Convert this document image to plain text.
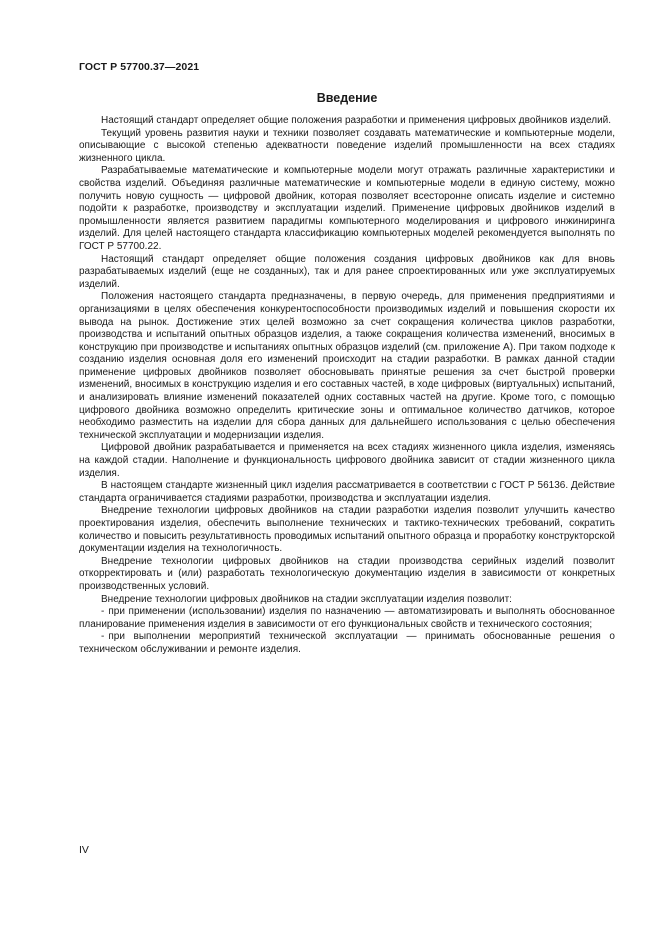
ГОСТ Р 57700.37—2021
Введение

Настоящий стандарт определяет общие положения разработки и применения цифровых двойников изделий.

Текущий уровень развития науки и техники позволяет создавать математические и компьютерные модели, описывающие с высокой степенью адекватности поведение изделий промышленности на всех стадиях жизненного цикла.

Разрабатываемые математические и компьютерные модели могут отражать различные характеристики и свойства изделий. Объединяя различные математические и компьютерные модели в единую систему, можно получить новую сущность — цифровой двойник, которая позволяет всесторонне описать изделие и системно подойти к разработке, производству и эксплуатации изделий. Применение цифровых двойников изделий в промышленности является развитием парадигмы компьютерного моделирования и цифрового инжиниринга изделий. Для целей настоящего стандарта классификацию компьютерных моделей рекомендуется выполнять по ГОСТ Р 57700.22.

Настоящий стандарт определяет общие положения создания цифровых двойников как для вновь разрабатываемых изделий (еще не созданных), так и для ранее спроектированных или уже эксплуатируемых изделий.

Положения настоящего стандарта предназначены, в первую очередь, для применения предприятиями и организациями в целях обеспечения конкурентоспособности производимых изделий и повышения скорости их вывода на рынок. Достижение этих целей возможно за счет сокращения количества циклов разработки, производства и испытаний опытных образцов изделия, а также сокращения количества изменений, вносимых в конструкцию при производстве и испытаниях опытных образцов изделий (см. приложение А). При таком подходе к созданию изделия основная доля его изменений происходит на стадии разработки. В рамках данной стадии применение цифровых двойников позволяет обосновывать принятые решения за счет быстрой проверки изменений, вносимых в конструкцию изделия и его составных частей, в ходе цифровых (виртуальных) испытаний, и анализировать влияние изменений показателей одних составных частей на другие. Кроме того, с помощью цифрового двойника возможно определить критические зоны и оптимальное количество датчиков, которое необходимо разместить на изделии для сбора данных для дальнейшего использования с целью обеспечения технической эксплуатации и модернизации изделия.

Цифровой двойник разрабатывается и применяется на всех стадиях жизненного цикла изделия, изменяясь на каждой стадии. Наполнение и функциональность цифрового двойника зависит от стадии жизненного цикла изделия.

В настоящем стандарте жизненный цикл изделия рассматривается в соответствии с ГОСТ Р 56136. Действие стандарта ограничивается стадиями разработки, производства и эксплуатации изделия.

Внедрение технологии цифровых двойников на стадии разработки изделия позволит улучшить качество проектирования изделия, обеспечить выполнение технических и тактико-технических требований, сократить количество и повысить результативность проводимых испытаний опытного образца и проработку конструкторской документации изделия на технологичность.

Внедрение технологии цифровых двойников на стадии производства серийных изделий позволит откорректировать и (или) разработать технологическую документацию изделия в зависимости от конкретных производственных условий.

Внедрение технологии цифровых двойников на стадии эксплуатации изделия позволит:

- при применении (использовании) изделия по назначению — автоматизировать и выполнять обоснованное планирование применения изделия в зависимости от его функциональных свойств и технического состояния;

- при выполнении мероприятий технической эксплуатации — принимать обоснованные решения о техническом обслуживании и ремонте изделия.

IV
